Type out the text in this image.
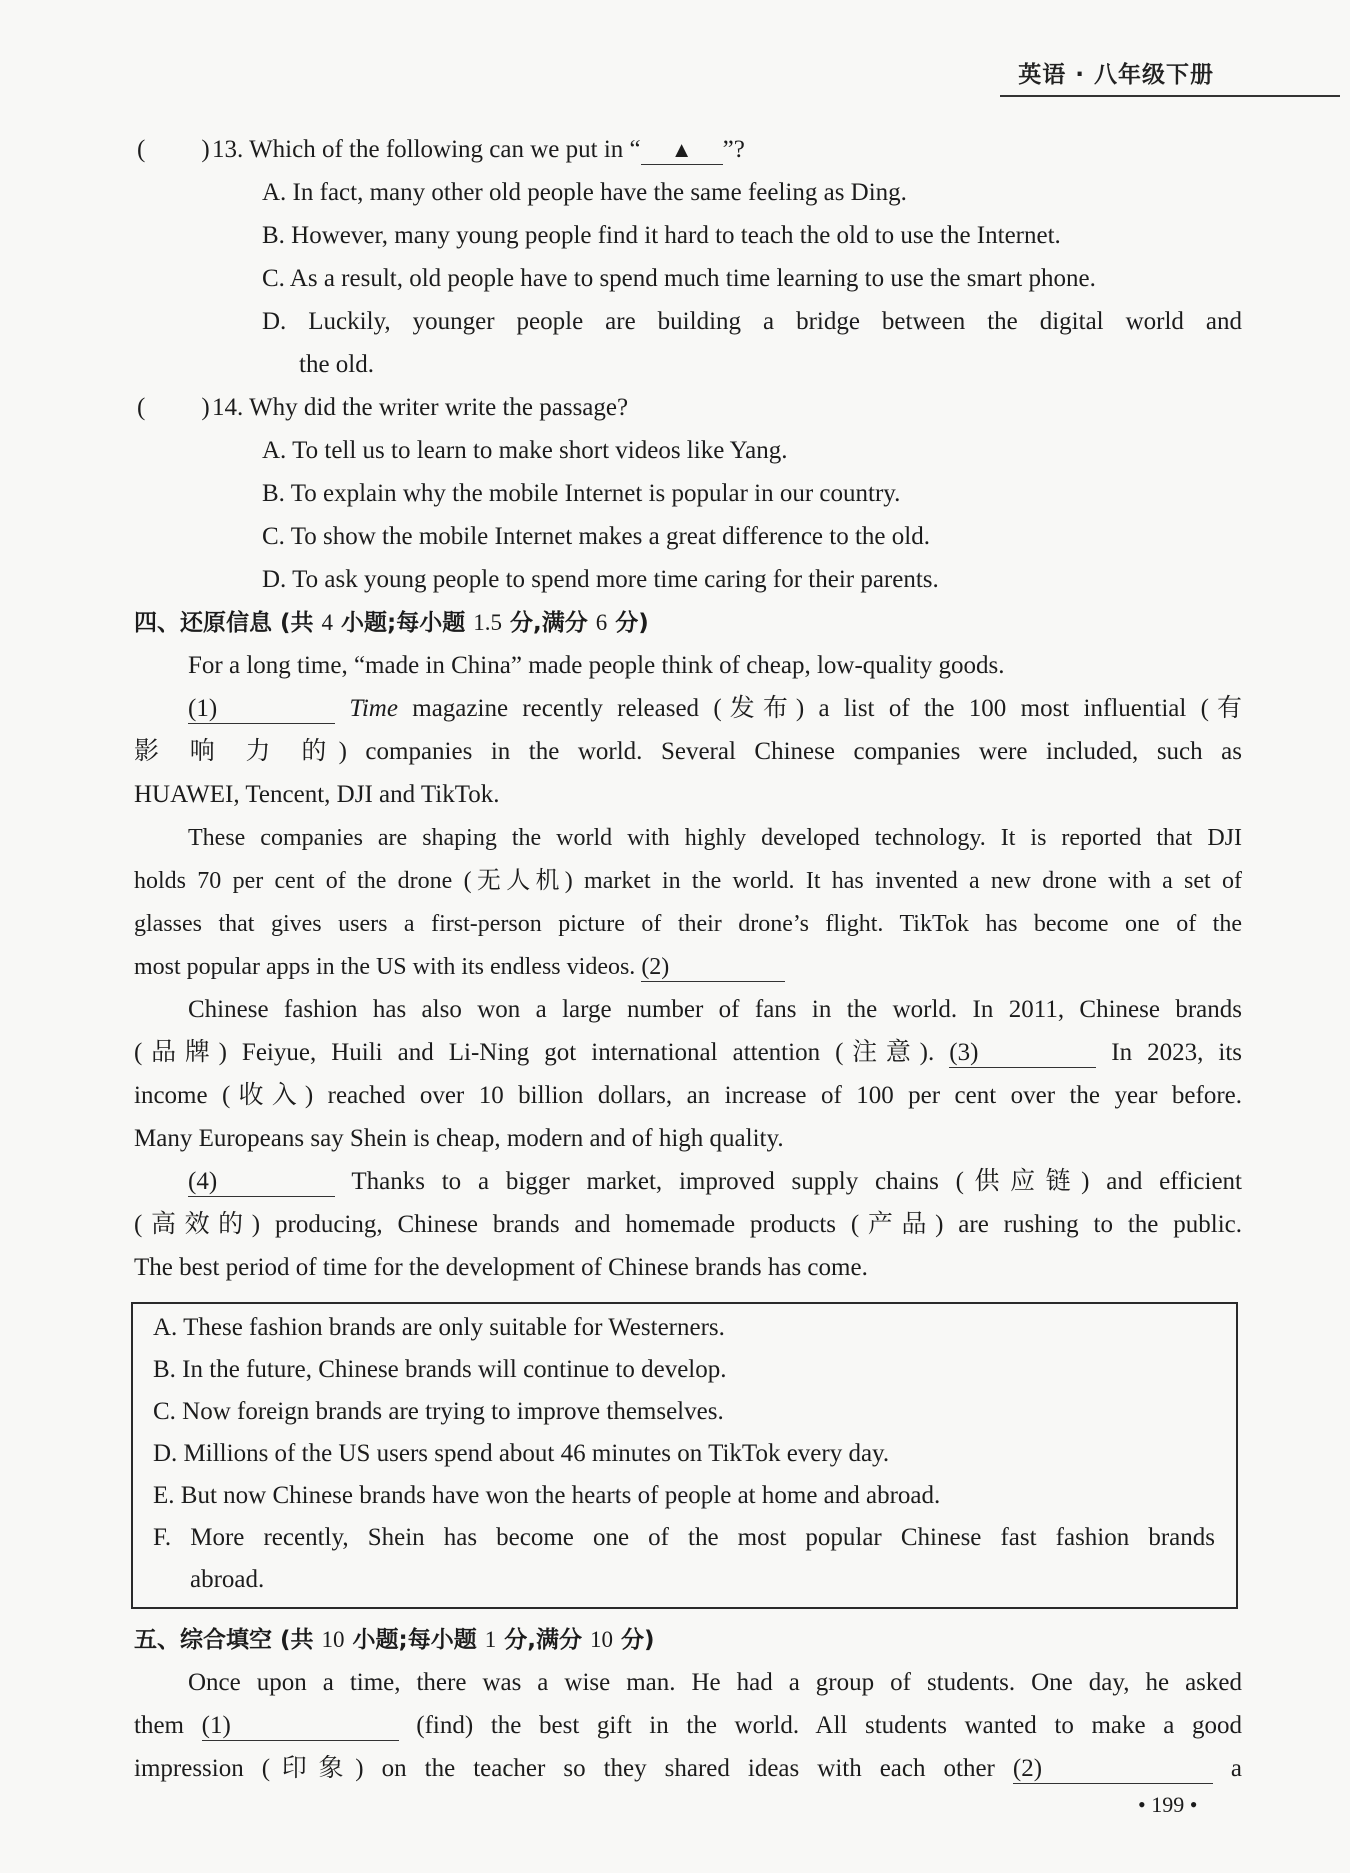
英语 · 八年级下册
( ) 13. Which of the following can we put in “ ▲ ”?
A. In fact, many other old people have the same feeling as Ding.
B. However, many young people find it hard to teach the old to use the Internet.
C. As a result, old people have to spend much time learning to use the smart phone.
D. Luckily, younger people are building a bridge between the digital world and
the old.
( ) 14. Why did the writer write the passage?
A. To tell us to learn to make short videos like Yang.
B. To explain why the mobile Internet is popular in our country.
C. To show the mobile Internet makes a great difference to the old.
D. To ask young people to spend more time caring for their parents.
四、还原信息 (共 4 小题;每小题 1.5 分,满分 6 分)
For a long time, “made in China” made people think of cheap, low-quality goods.
(1)	Time magazine recently released (发布) a list of the 100 most influential (有
影 响 力 的) companies in the world. Several Chinese companies were included, such as
HUAWEI, Tencent, DJI and TikTok.
These companies are shaping the world with highly developed technology. It is reported that DJI
holds 70 per cent of the drone (无人机) market in the world. It has invented a new drone with a set of
glasses that gives users a first-person picture of their drone’s flight. TikTok has become one of the
most popular apps in the US with its endless videos. (2)
Chinese fashion has also won a large number of fans in the world. In 2011, Chinese brands
(品牌) Feiyue, Huili and Li-Ning got international attention (注意). (3)	In 2023, its
income (收入) reached over 10 billion dollars, an increase of 100 per cent over the year before.
Many Europeans say Shein is cheap, modern and of high quality.
(4)	Thanks to a bigger market, improved supply chains (供应链) and efficient
(高效的) producing, Chinese brands and homemade products (产品) are rushing to the public.
The best period of time for the development of Chinese brands has come.
A. These fashion brands are only suitable for Westerners.
B. In the future, Chinese brands will continue to develop.
C. Now foreign brands are trying to improve themselves.
D. Millions of the US users spend about 46 minutes on TikTok every day.
E. But now Chinese brands have won the hearts of people at home and abroad.
F. More recently, Shein has become one of the most popular Chinese fast fashion brands
abroad.
五、综合填空 (共 10 小题;每小题 1 分,满分 10 分)
Once upon a time, there was a wise man. He had a group of students. One day, he asked
them (1)	(find) the best gift in the world. All students wanted to make a good
impression (印象) on the teacher so they shared ideas with each other (2)	a
• 199 •
